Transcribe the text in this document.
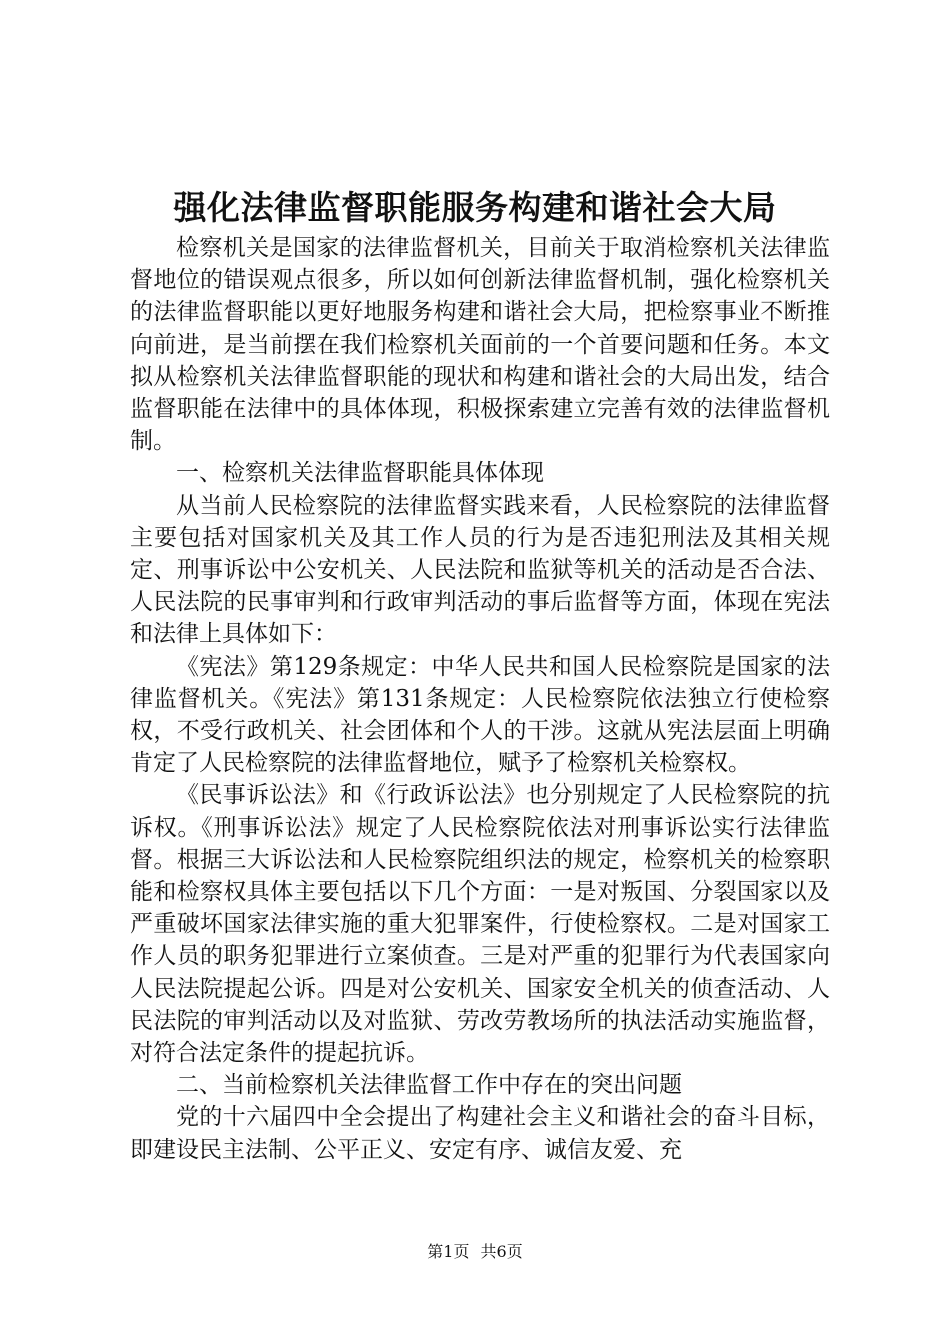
强化法律监督职能服务构建和谐社会大局

检察机关是国家的法律监督机关，目前关于取消检察机关法律监督地位的错误观点很多，所以如何创新法律监督机制，强化检察机关的法律监督职能以更好地服务构建和谐社会大局，把检察事业不断推向前进，是当前摆在我们检察机关面前的一个首要问题和任务。本文拟从检察机关法律监督职能的现状和构建和谐社会的大局出发，结合监督职能在法律中的具体体现，积极探索建立完善有效的法律监督机制。

一、检察机关法律监督职能具体体现

从当前人民检察院的法律监督实践来看，人民检察院的法律监督主要包括对国家机关及其工作人员的行为是否违犯刑法及其相关规定、刑事诉讼中公安机关、人民法院和监狱等机关的活动是否合法、人民法院的民事审判和行政审判活动的事后监督等方面，体现在宪法和法律上具体如下：

《宪法》第129条规定：中华人民共和国人民检察院是国家的法律监督机关。《宪法》第131条规定：人民检察院依法独立行使检察权，不受行政机关、社会团体和个人的干涉。这就从宪法层面上明确肯定了人民检察院的法律监督地位，赋予了检察机关检察权。

《民事诉讼法》和《行政诉讼法》也分别规定了人民检察院的抗诉权。《刑事诉讼法》规定了人民检察院依法对刑事诉讼实行法律监督。根据三大诉讼法和人民检察院组织法的规定，检察机关的检察职能和检察权具体主要包括以下几个方面：一是对叛国、分裂国家以及严重破坏国家法律实施的重大犯罪案件，行使检察权。二是对国家工作人员的职务犯罪进行立案侦查。三是对严重的犯罪行为代表国家向人民法院提起公诉。四是对公安机关、国家安全机关的侦查活动、人民法院的审判活动以及对监狱、劳改劳教场所的执法活动实施监督，对符合法定条件的提起抗诉。

二、当前检察机关法律监督工作中存在的突出问题

党的十六届四中全会提出了构建社会主义和谐社会的奋斗目标，即建设民主法制、公平正义、安定有序、诚信友爱、充

第1页 共6页
